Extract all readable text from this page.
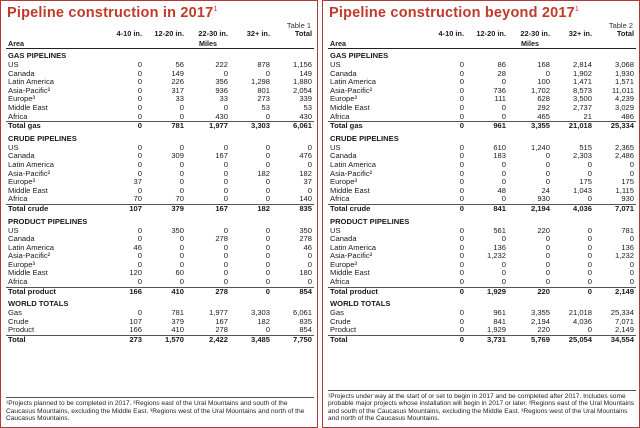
Pipeline construction in 2017$^1$
Table 1
	4-10 in.	12-20 in.	22-30 in.	32+ in.	Total
Area		Miles			
GAS PIPELINES					
US	0	56	222	878	1,156
Canada	0	149	0	0	149
Latin America	0	226	356	1,298	1,880
Asia-Pacific²	0	317	936	801	2,054
Europe³	0	33	33	273	339
Middle East	0	0	0	53	53
Africa	0	0	430	0	430
Total gas	0	781	1,977	3,303	6,061
CRUDE PIPELINES					
US	0	0	0	0	0
Canada	0	309	167	0	476
Latin America	0	0	0	0	0
Asia-Pacific²	0	0	0	182	182
Europe³	37	0	0	0	37
Middle East	0	0	0	0	0
Africa	70	70	0	0	140
Total crude	107	379	167	182	835
PRODUCT PIPELINES					
US	0	350	0	0	350
Canada	0	0	278	0	278
Latin America	46	0	0	0	46
Asia-Pacific²	0	0	0	0	0
Europe³	0	0	0	0	0
Middle East	120	60	0	0	180
Africa	0	0	0	0	0
Total product	166	410	278	0	854
WORLD TOTALS					
Gas	0	781	1,977	3,303	6,061
Crude	107	379	167	182	835
Product	166	410	278	0	854
Total	273	1,570	2,422	3,485	7,750
¹Projects planned to be completed in 2017. ²Regions east of the Ural Mountains and south of the Caucasus Mountains, excluding the Middle East. ³Regions west of the Ural Mountains and north of the Caucasus Mountains.
Pipeline construction beyond 2017$^1$
Table 2
	4-10 in.	12-20 in.	22-30 in.	32+ in.	Total
Area		Miles			
GAS PIPELINES					
US	0	86	168	2,814	3,068
Canada	0	28	0	1,902	1,930
Latin America	0	0	100	1,471	1,571
Asia-Pacific²	0	736	1,702	8,573	11,011
Europe³	0	111	628	3,500	4,239
Middle East	0	0	292	2,737	3,029
Africa	0	0	465	21	486
Total gas	0	961	3,355	21,018	25,334
CRUDE PIPELINES					
US	0	610	1,240	515	2,365
Canada	0	183	0	2,303	2,486
Latin America	0	0	0	0	0
Asia-Pacific²	0	0	0	0	0
Europe³	0	0	0	175	175
Middle East	0	48	24	1,043	1,115
Africa	0	0	930	0	930
Total crude	0	841	2,194	4,036	7,071
PRODUCT PIPELINES					
US	0	561	220	0	781
Canada	0	0	0	0	0
Latin America	0	136	0	0	136
Asia-Pacific²	0	1,232	0	0	1,232
Europe³	0	0	0	0	0
Middle East	0	0	0	0	0
Africa	0	0	0	0	0
Total product	0	1,929	220	0	2,149
WORLD TOTALS					
Gas	0	961	3,355	21,018	25,334
Crude	0	841	2,194	4,036	7,071
Product	0	1,929	220	0	2,149
Total	0	3,731	5,769	25,054	34,554
¹Projects under way at the start of or set to begin in 2017 and be completed after 2017. Includes some probable major projects whose installation will begin in 2017 or later. ²Regions east of the Ural Mountains and south of the Caucasus Mountains, excluding the Middle East. ³Regions west of the Ural Mountains and north of the Caucasus Mountains.
